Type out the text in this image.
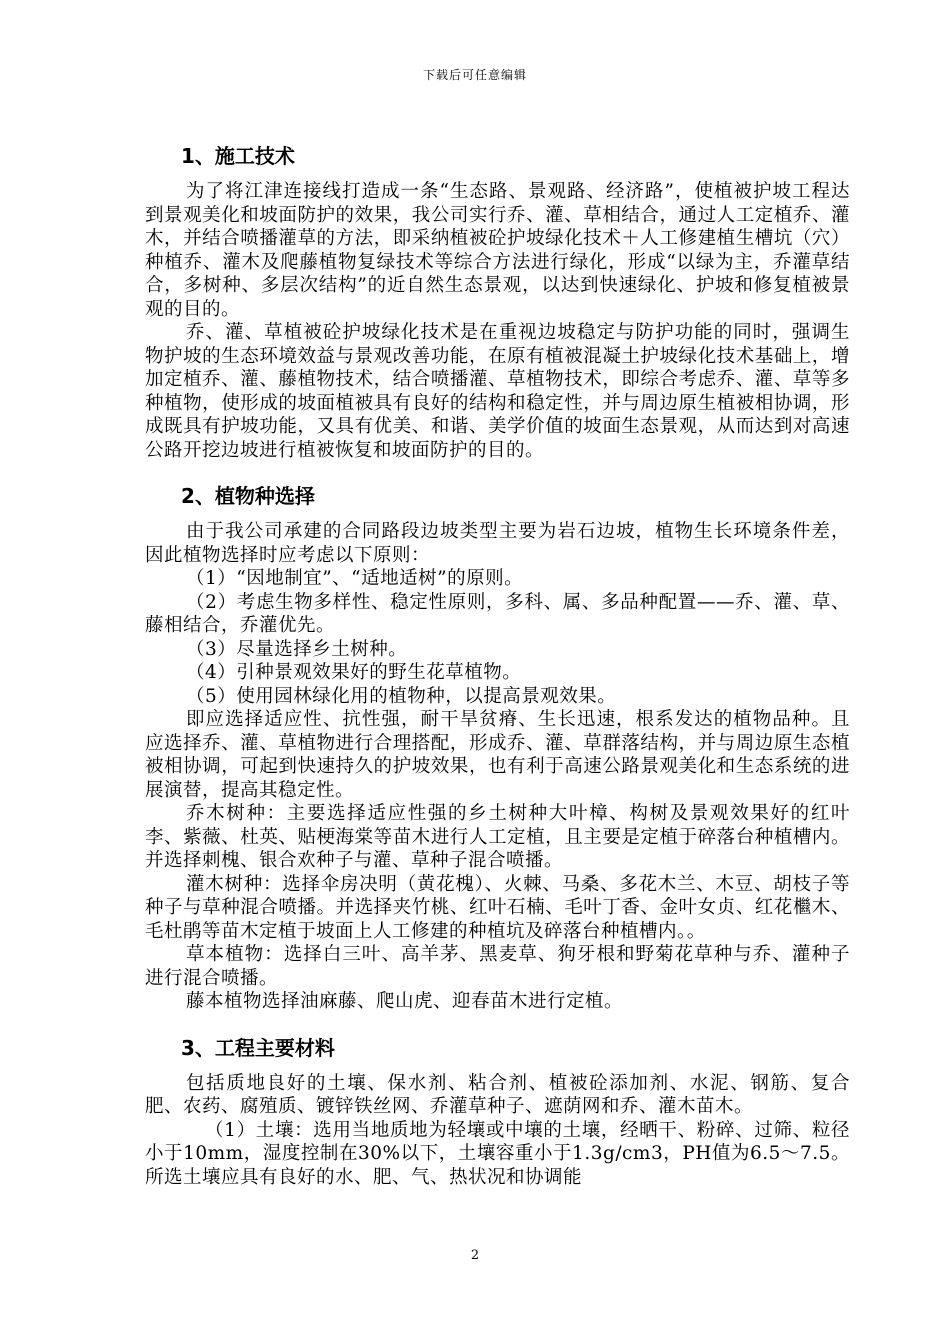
下载后可任意编辑
1、施工技术

为了将江津连接线打造成一条“生态路、景观路、经济路”，使植被护坡工程达到景观美化和坡面防护的效果，我公司实行乔、灌、草相结合，通过人工定植乔、灌木，并结合喷播灌草的方法，即采纳植被砼护坡绿化技术＋人工修建植生槽坑（穴）种植乔、灌木及爬藤植物复绿技术等综合方法进行绿化，形成“以绿为主，乔灌草结合，多树种、多层次结构”的近自然生态景观，以达到快速绿化、护坡和修复植被景观的目的。

乔、灌、草植被砼护坡绿化技术是在重视边坡稳定与防护功能的同时，强调生物护坡的生态环境效益与景观改善功能，在原有植被混凝土护坡绿化技术基础上，增加定植乔、灌、藤植物技术，结合喷播灌、草植物技术，即综合考虑乔、灌、草等多种植物，使形成的坡面植被具有良好的结构和稳定性，并与周边原生植被相协调，形成既具有护坡功能，又具有优美、和谐、美学价值的坡面生态景观，从而达到对高速公路开挖边坡进行植被恢复和坡面防护的目的。

2、植物种选择

由于我公司承建的合同路段边坡类型主要为岩石边坡，植物生长环境条件差，因此植物选择时应考虑以下原则：

（1）“因地制宜”、“适地适树”的原则。

（2）考虑生物多样性、稳定性原则，多科、属、多品种配置——乔、灌、草、藤相结合，乔灌优先。

（3）尽量选择乡土树种。

（4）引种景观效果好的野生花草植物。

（5）使用园林绿化用的植物种，以提高景观效果。

即应选择适应性、抗性强，耐干旱贫瘠、生长迅速，根系发达的植物品种。且应选择乔、灌、草植物进行合理搭配，形成乔、灌、草群落结构，并与周边原生态植被相协调，可起到快速持久的护坡效果，也有利于高速公路景观美化和生态系统的进展演替，提高其稳定性。

乔木树种：主要选择适应性强的乡土树种大叶樟、构树及景观效果好的红叶李、紫薇、杜英、贴梗海棠等苗木进行人工定植，且主要是定植于碎落台种植槽内。并选择刺槐、银合欢种子与灌、草种子混合喷播。

灌木树种：选择伞房决明（黄花槐）、火棘、马桑、多花木兰、木豆、胡枝子等种子与草种混合喷播。并选择夹竹桃、红叶石楠、毛叶丁香、金叶女贞、红花檵木、毛杜鹃等苗木定植于坡面上人工修建的种植坑及碎落台种植槽内。。

草本植物：选择白三叶、高羊茅、黑麦草、狗牙根和野菊花草种与乔、灌种子进行混合喷播。

藤本植物选择油麻藤、爬山虎、迎春苗木进行定植。

3、工程主要材料

包括质地良好的土壤、保水剂、粘合剂、植被砼添加剂、水泥、钢筋、复合肥、农药、腐殖质、镀锌铁丝网、乔灌草种子、遮荫网和乔、灌木苗木。

（1）土壤：选用当地质地为轻壤或中壤的土壤，经晒干、粉碎、过筛、粒径小于10mm，湿度控制在30%以下，土壤容重小于1.3g/cm3，PH值为6.5～7.5。所选土壤应具有良好的水、肥、气、热状况和协调能

2
